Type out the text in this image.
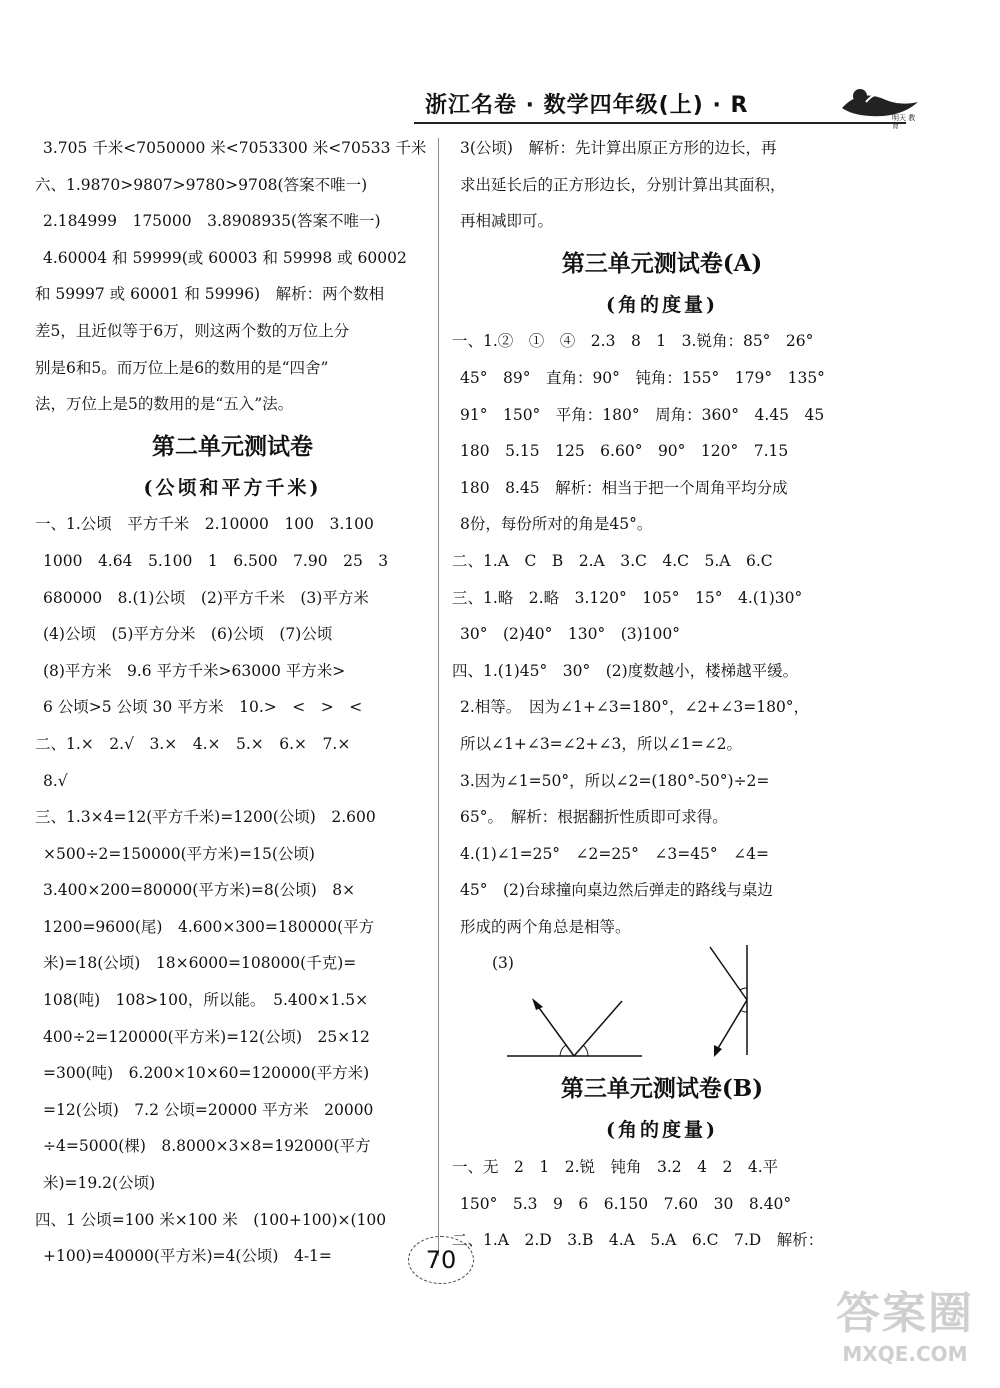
浙江名卷 · 数学四年级(上) · R	明天 教育
3.705 千米<7050000 米<7053300 米<70533 千米
六、1.9870>9807>9780>9708(答案不唯一)
2.184999　175000　3.8908935(答案不唯一)
4.60004 和 59999(或 60003 和 59998 或 60002
和 59997 或 60001 和 59996)　解析：两个数相
差5，且近似等于6万，则这两个数的万位上分
别是6和5。而万位上是6的数用的是“四舍”
法，万位上是5的数用的是“五入”法。
第二单元测试卷
(公顷和平方千米)
一、1.公顷　平方千米　2.10000　100　3.100
1000　4.64　5.100　1　6.500　7.90　25　3
680000　8.(1)公顷　(2)平方千米　(3)平方米
(4)公顷　(5)平方分米　(6)公顷　(7)公顷
(8)平方米　9.6 平方千米>63000 平方米>
6 公顷>5 公顷 30 平方米　10.>　<　>　<
二、1.×　2.√　3.×　4.×　5.×　6.×　7.×
8.√
三、1.3×4=12(平方千米)=1200(公顷)　2.600
×500÷2=150000(平方米)=15(公顷)
3.400×200=80000(平方米)=8(公顷)　8×
1200=9600(尾)　4.600×300=180000(平方
米)=18(公顷)　18×6000=108000(千克)=
108(吨)　108>100，所以能。　5.400×1.5×
400÷2=120000(平方米)=12(公顷)　25×12
=300(吨)　6.200×10×60=120000(平方米)
=12(公顷)　7.2 公顷=20000 平方米　20000
÷4=5000(棵)　8.8000×3×8=192000(平方
米)=19.2(公顷)
四、1 公顷=100 米×100 米　(100+100)×(100
+100)=40000(平方米)=4(公顷)　4-1=
3(公顷)　解析：先计算出原正方形的边长，再
求出延长后的正方形边长，分别计算出其面积，
再相减即可。
第三单元测试卷(A)
(角的度量)
一、1.②　①　④　2.3　8　1　3.锐角：85°　26°
45°　89°　直角：90°　钝角：155°　179°　135°
91°　150°　平角：180°　周角：360°　4.45　45
180　5.15　125　6.60°　90°　120°　7.15
180　8.45　解析：相当于把一个周角平均分成
8份，每份所对的角是45°。
二、1.A　C　B　2.A　3.C　4.C　5.A　6.C
三、1.略　2.略　3.120°　105°　15°　4.(1)30°
30°　(2)40°　130°　(3)100°
四、1.(1)45°　30°　(2)度数越小，楼梯越平缓。
2.相等。　因为∠1+∠3=180°，∠2+∠3=180°，
所以∠1+∠3=∠2+∠3，所以∠1=∠2。
3.因为∠1=50°，所以∠2=(180°-50°)÷2=
65°。　解析：根据翻折性质即可求得。
4.(1)∠1=25°　∠2=25°　∠3=45°　∠4=
45°　(2)台球撞向桌边然后弹走的路线与桌边
形成的两个角总是相等。
(3)
第三单元测试卷(B)
(角的度量)
一、无　2　1　2.锐　钝角　3.2　4　2　4.平
150°　5.3　9　6　6.150　7.60　30　8.40°
二、1.A　2.D　3.B　4.A　5.A　6.C　7.D　解析：
70
答案圈
MXQE.COM
